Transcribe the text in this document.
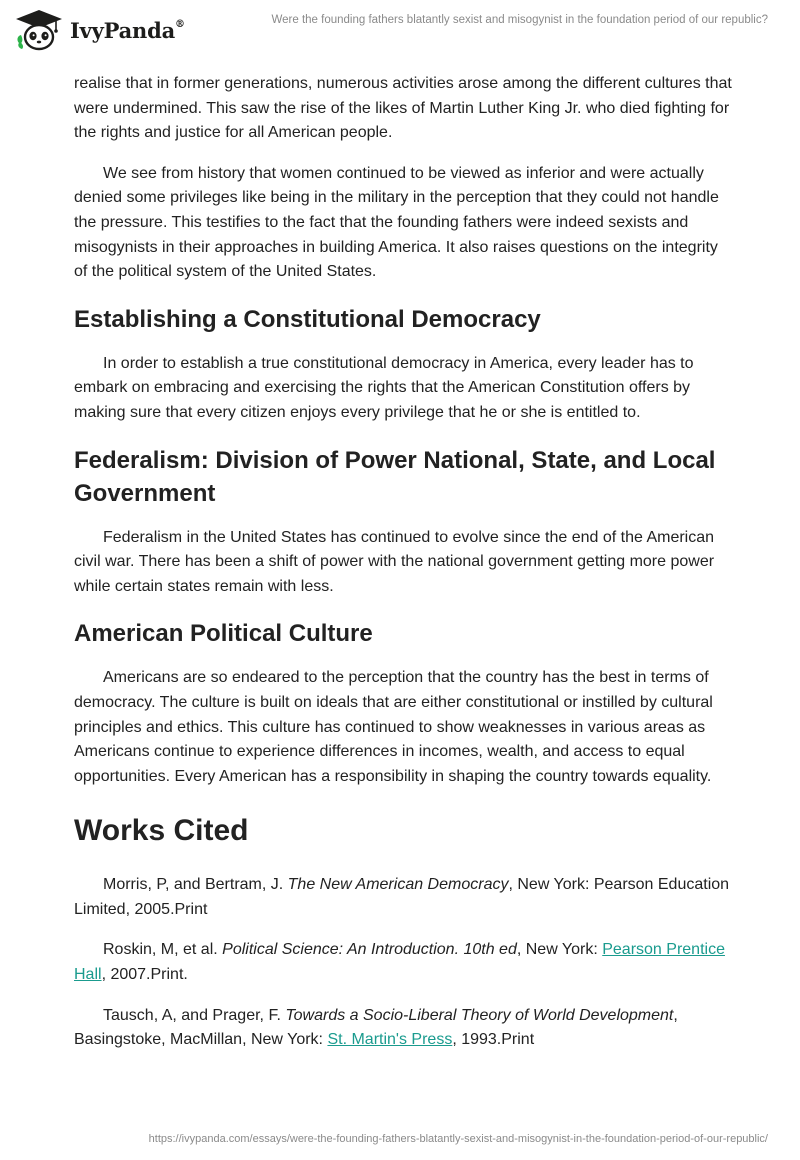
IvyPanda®	Were the founding fathers blatantly sexist and misogynist in the foundation period of our republic?

realise that in former generations, numerous activities arose among the different cultures that were undermined. This saw the rise of the likes of Martin Luther King Jr. who died fighting for the rights and justice for all American people.

We see from history that women continued to be viewed as inferior and were actually denied some privileges like being in the military in the perception that they could not handle the pressure. This testifies to the fact that the founding fathers were indeed sexists and misogynists in their approaches in building America. It also raises questions on the integrity of the political system of the United States.

Establishing a Constitutional Democracy

In order to establish a true constitutional democracy in America, every leader has to embark on embracing and exercising the rights that the American Constitution offers by making sure that every citizen enjoys every privilege that he or she is entitled to.

Federalism: Division of Power National, State, and Local Government

Federalism in the United States has continued to evolve since the end of the American civil war. There has been a shift of power with the national government getting more power while certain states remain with less.

American Political Culture

Americans are so endeared to the perception that the country has the best in terms of democracy. The culture is built on ideals that are either constitutional or instilled by cultural principles and ethics. This culture has continued to show weaknesses in various areas as Americans continue to experience differences in incomes, wealth, and access to equal opportunities. Every American has a responsibility in shaping the country towards equality.

Works Cited
Morris, P, and Bertram, J. The New American Democracy, New York: Pearson Education Limited, 2005.Print
Roskin, M, et al. Political Science: An Introduction. 10th ed, New York: Pearson Prentice Hall, 2007.Print.
Tausch, A, and Prager, F. Towards a Socio-Liberal Theory of World Development, Basingstoke, MacMillan, New York: St. Martin's Press, 1993.Print
https://ivypanda.com/essays/were-the-founding-fathers-blatantly-sexist-and-misogynist-in-the-foundation-period-of-our-republic/
